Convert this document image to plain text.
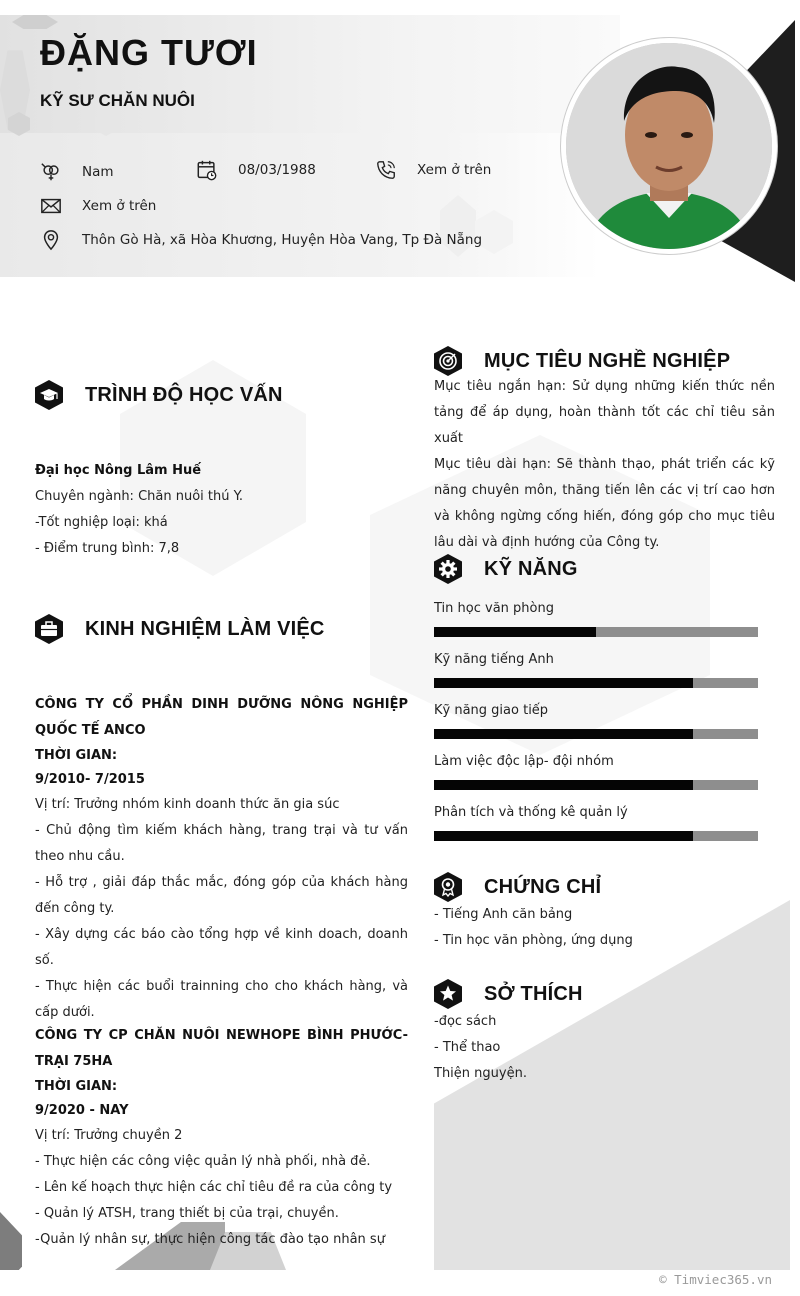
ĐẶNG TƯƠI
KỸ SƯ CHĂN NUÔI
Nam	08/03/1988	Xem ở trên
Xem ở trên
Thôn Gò Hà, xã Hòa Khương, Huyện Hòa Vang, Tp Đà Nẵng
TRÌNH ĐỘ HỌC VẤN
Đại học Nông Lâm Huế
Chuyên ngành: Chăn nuôi thú Y.
-Tốt nghiệp loại: khá
- Điểm trung bình: 7,8
KINH NGHIỆM LÀM VIỆC
CÔNG TY CỔ PHẦN DINH DƯỠNG NÔNG NGHIỆP QUỐC TẾ ANCO
THỜI GIAN:
9/2010- 7/2015
Vị trí: Trưởng nhóm kinh doanh thức ăn gia súc
- Chủ động tìm kiếm khách hàng, trang trại và tư vấn theo nhu cầu.
- Hỗ trợ , giải đáp thắc mắc, đóng góp của khách hàng đến công ty.
- Xây dựng các báo cào tổng hợp về kinh doach, doanh số.
- Thực hiện các buổi trainning cho cho khách hàng, và cấp dưới.
CÔNG TY CP CHĂN NUÔI NEWHOPE BÌNH PHƯỚC- TRẠI 75HA
THỜI GIAN:
9/2020 - NAY
Vị trí: Trưởng chuyền 2
- Thực hiện các công việc quản lý nhà phối, nhà đẻ.
- Lên kế hoạch thực hiện các chỉ tiêu đề ra của công ty
- Quản lý ATSH, trang thiết bị của trại, chuyền.
-Quản lý nhân sự, thực hiện công tác đào tạo nhân sự
MỤC TIÊU NGHỀ NGHIỆP
Mục tiêu ngắn hạn: Sử dụng những kiến thức nền tảng để áp dụng, hoàn thành tốt các chỉ tiêu sản xuất
Mục tiêu dài hạn: Sẽ thành thạo, phát triển các kỹ năng chuyên môn, thăng tiến lên các vị trí cao hơn và không ngừng cống hiến, đóng góp cho mục tiêu lâu dài và định hướng của Công ty.
KỸ NĂNG
Tin học văn phòng
Kỹ năng tiếng Anh
Kỹ năng giao tiếp
Làm việc độc lập- đội nhóm
Phân tích và thống kê quản lý
CHỨNG CHỈ
- Tiếng Anh căn bảng
- Tin học văn phòng, ứng dụng
SỞ THÍCH
-đọc sách
- Thể thao
Thiện nguyện.
© Timviec365.vn
